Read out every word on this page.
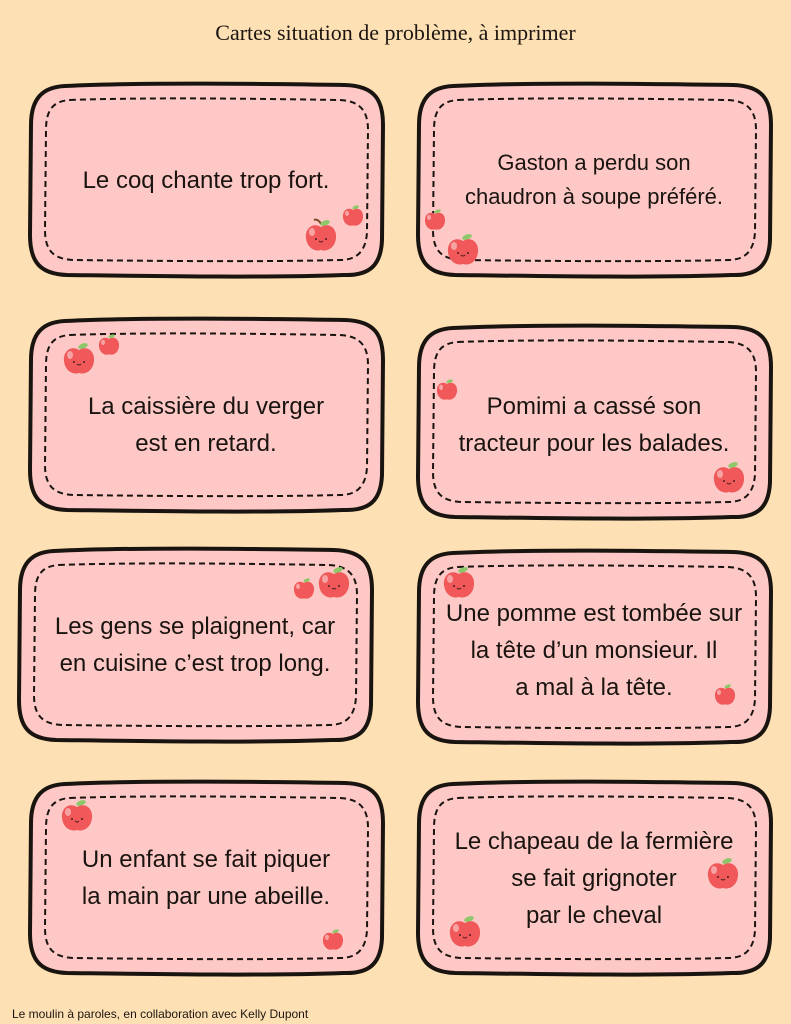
Cartes situation de problème, à imprimer
Le coq chante trop fort.
Gaston a perdu son
chaudron à soupe préféré.
La caissière du verger
est en retard.
Pomimi a cassé son
tracteur pour les balades.
Les gens se plaignent, car
en cuisine c’est trop long.
Une pomme est tombée sur
la tête d’un monsieur. Il
a mal à la tête.
Un enfant se fait piquer
la main par une abeille.
Le chapeau de la fermière
se fait grignoter
par le cheval
Le moulin à paroles, en collaboration avec Kelly Dupont
